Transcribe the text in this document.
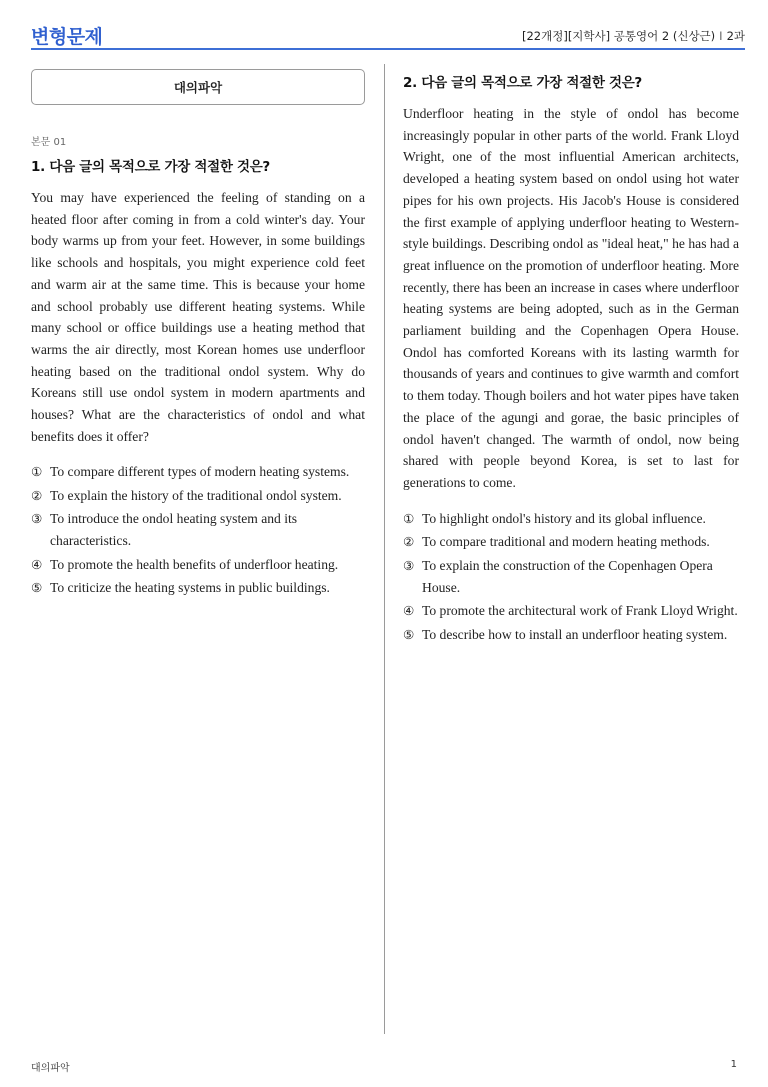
변형문제	[22개정][지학사] 공통영어 2 (신상근) I 2과
대의파악
본문 01
1. 다음 글의 목적으로 가장 적절한 것은?
You may have experienced the feeling of standing on a heated floor after coming in from a cold winter's day. Your body warms up from your feet. However, in some buildings like schools and hospitals, you might experience cold feet and warm air at the same time. This is because your home and school probably use different heating systems. While many school or office buildings use a heating method that warms the air directly, most Korean homes use underfloor heating based on the traditional ondol system. Why do Koreans still use ondol system in modern apartments and houses? What are the characteristics of ondol and what benefits does it offer?
① To compare different types of modern heating systems.
② To explain the history of the traditional ondol system.
③ To introduce the ondol heating system and its characteristics.
④ To promote the health benefits of underfloor heating.
⑤ To criticize the heating systems in public buildings.
2. 다음 글의 목적으로 가장 적절한 것은?
Underfloor heating in the style of ondol has become increasingly popular in other parts of the world. Frank Lloyd Wright, one of the most influential American architects, developed a heating system based on ondol using hot water pipes for his own projects. His Jacob's House is considered the first example of applying underfloor heating to Western-style buildings. Describing ondol as "ideal heat," he has had a great influence on the promotion of underfloor heating. More recently, there has been an increase in cases where underfloor heating systems are being adopted, such as in the German parliament building and the Copenhagen Opera House. Ondol has comforted Koreans with its lasting warmth for thousands of years and continues to give warmth and comfort to them today. Though boilers and hot water pipes have taken the place of the agungi and gorae, the basic principles of ondol haven't changed. The warmth of ondol, now being shared with people beyond Korea, is set to last for generations to come.
① To highlight ondol's history and its global influence.
② To compare traditional and modern heating methods.
③ To explain the construction of the Copenhagen Opera House.
④ To promote the architectural work of Frank Lloyd Wright.
⑤ To describe how to install an underfloor heating system.
대의파악	1
